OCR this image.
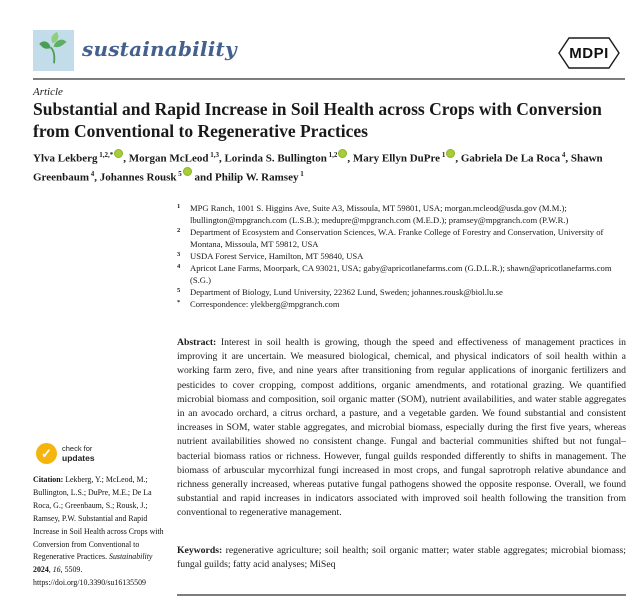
sustainability	MDPI
Article
Substantial and Rapid Increase in Soil Health across Crops with Conversion from Conventional to Regenerative Practices
Ylva Lekberg $^{1,2,*}$ , Morgan McLeod $^{1,3}$, Lorinda S. Bullington $^{1,2}$ , Mary Ellyn DuPre $^1$ , Gabriela De La Roca $^4$, Shawn Greenbaum $^4$, Johannes Rousk $^5$ and Philip W. Ramsey $^1$
1	MPG Ranch, 1001 S. Higgins Ave, Suite A3, Missoula, MT 59801, USA; morgan.mcleod@usda.gov (M.M.); lbullington@mpgranch.com (L.S.B.); medupre@mpgranch.com (M.E.D.); pramsey@mpgranch.com (P.W.R.)
2	Department of Ecosystem and Conservation Sciences, W.A. Franke College of Forestry and Conservation, University of Montana, Missoula, MT 59812, USA
3	USDA Forest Service, Hamilton, MT 59840, USA
4	Apricot Lane Farms, Moorpark, CA 93021, USA; gaby@apricotlanefarms.com (G.D.L.R.); shawn@apricotlanefarms.com (S.G.)
5	Department of Biology, Lund University, 22362 Lund, Sweden; johannes.rousk@biol.lu.se
*	Correspondence: ylekberg@mpgranch.com
Abstract: Interest in soil health is growing, though the speed and effectiveness of management practices in improving it are uncertain. We measured biological, chemical, and physical indicators of soil health within a working farm zero, five, and nine years after transitioning from regular applications of inorganic fertilizers and pesticides to cover cropping, compost additions, organic amendments, and rotational grazing. We quantified microbial biomass and composition, soil organic matter (SOM), nutrient availabilities, and water stable aggregates in an avocado orchard, a citrus orchard, a pasture, and a vegetable garden. We found substantial and consistent increases in SOM, water stable aggregates, and microbial biomass, especially during the first five years, whereas nutrient availabilities showed no consistent change. Fungal and bacterial communities shifted but not fungal–bacterial biomass ratios or richness. However, fungal guilds responded differently to shifts in management. The biomass of arbuscular mycorrhizal fungi increased in most crops, and fungal saprotroph relative abundance and richness generally increased, whereas putative fungal pathogens showed the opposite response. Overall, we found substantial and rapid increases in indicators associated with improved soil health following the transition from conventional to regenerative management.
Keywords: regenerative agriculture; soil health; soil organic matter; water stable aggregates; microbial biomass; fungal guilds; fatty acid analyses; MiSeq
✓	check for
updates
Citation: Lekberg, Y.; McLeod, M.; Bullington, L.S.; DuPre, M.E.; De La Roca, G.; Greenbaum, S.; Rousk, J.; Ramsey, P.W. Substantial and Rapid Increase in Soil Health across Crops with Conversion from Conventional to Regenerative Practices. Sustainability 2024, 16, 5509. https://doi.org/10.3390/su16135509
